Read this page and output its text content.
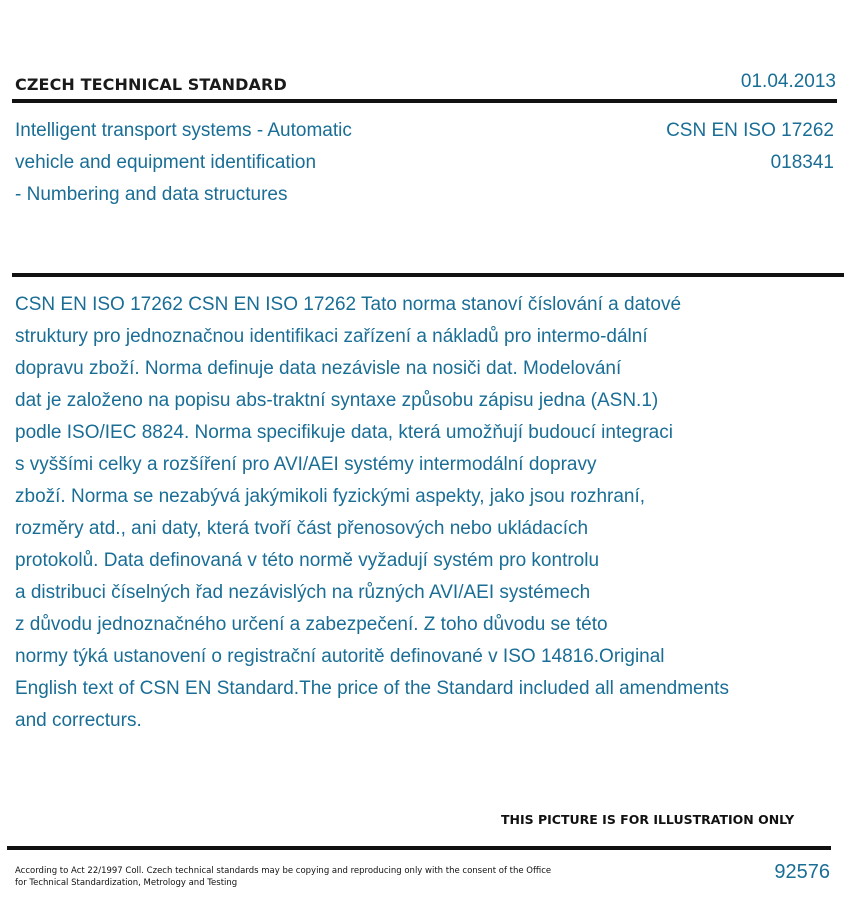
CZECH TECHNICAL STANDARD	01.04.2013
Intelligent transport systems - Automatic
vehicle and equipment identification
- Numbering and data structures
CSN EN ISO 17262
018341
CSN EN ISO 17262 CSN EN ISO 17262 Tato norma stanoví číslování a datové
struktury pro jednoznačnou identifikaci zařízení a nákladů pro intermo-dální
dopravu zboží. Norma definuje data nezávisle na nosiči dat. Modelování
dat je založeno na popisu abs-traktní syntaxe způsobu zápisu jedna (ASN.1)
podle ISO/IEC 8824. Norma specifikuje data, která umožňují budoucí integraci
s vyššími celky a rozšíření pro AVI/AEI systémy intermodální dopravy
zboží. Norma se nezabývá jakýmikoli fyzickými aspekty, jako jsou rozhraní,
rozměry atd., ani daty, která tvoří část přenosových nebo ukládacích
protokolů. Data definovaná v této normě vyžadují systém pro kontrolu
a distribuci číselných řad nezávislých na různých AVI/AEI systémech
z důvodu jednoznačného určení a zabezpečení. Z toho důvodu se této
normy týká ustanovení o registrační autoritě definované v ISO 14816.Original
English text of CSN EN Standard.The price of the Standard included all amendments
and correcturs.
THIS PICTURE IS FOR ILLUSTRATION ONLY
According to Act 22/1997 Coll. Czech technical standards may be copying and reproducing only with the consent of the Office
for Technical Standardization, Metrology and Testing	92576
